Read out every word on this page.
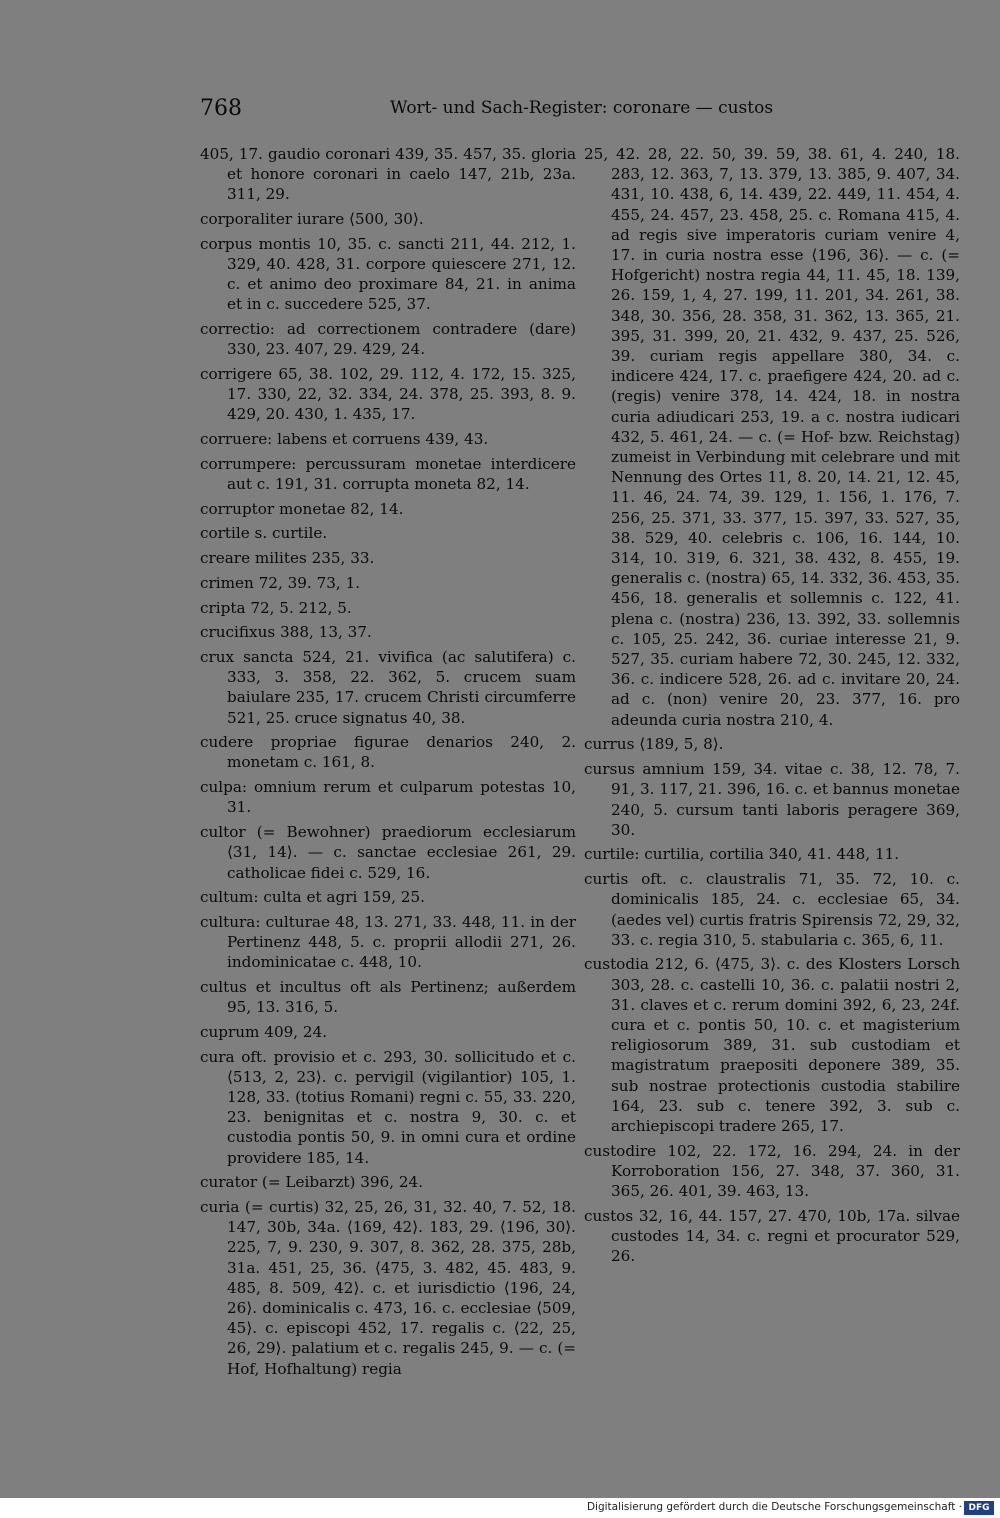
768	Wort- und Sach-Register: coronare — custos

405, 17. gaudio coronari 439, 35. 457, 35. gloria et honore coronari in caelo 147, 21b, 23a. 311, 29.

corporaliter iurare ⟨500, 30⟩.

corpus montis 10, 35. c. sancti 211, 44. 212, 1. 329, 40. 428, 31. corpore quiescere 271, 12. c. et animo deo proximare 84, 21. in anima et in c. succedere 525, 37.

correctio: ad correctionem contradere (dare) 330, 23. 407, 29. 429, 24.

corrigere 65, 38. 102, 29. 112, 4. 172, 15. 325, 17. 330, 22, 32. 334, 24. 378, 25. 393, 8. 9. 429, 20. 430, 1. 435, 17.

corruere: labens et corruens 439, 43.

corrumpere: percussuram monetae interdicere aut c. 191, 31. corrupta moneta 82, 14.

corruptor monetae 82, 14.

cortile s. curtile.

creare milites 235, 33.

crimen 72, 39. 73, 1.

cripta 72, 5. 212, 5.

crucifixus 388, 13, 37.

crux sancta 524, 21. vivifica (ac salutifera) c. 333, 3. 358, 22. 362, 5. crucem suam baiulare 235, 17. crucem Christi circumferre 521, 25. cruce signatus 40, 38.

cudere propriae figurae denarios 240, 2. monetam c. 161, 8.

culpa: omnium rerum et culparum potestas 10, 31.

cultor (= Bewohner) praediorum ecclesiarum ⟨31, 14⟩. — c. sanctae ecclesiae 261, 29. catholicae fidei c. 529, 16.

cultum: culta et agri 159, 25.

cultura: culturae 48, 13. 271, 33. 448, 11. in der Pertinenz 448, 5. c. proprii allodii 271, 26. indominicatae c. 448, 10.

cultus et incultus oft als Pertinenz; außerdem 95, 13. 316, 5.

cuprum 409, 24.

cura oft. provisio et c. 293, 30. sollicitudo et c. ⟨513, 2, 23⟩. c. pervigil (vigilantior) 105, 1. 128, 33. (totius Romani) regni c. 55, 33. 220, 23. benignitas et c. nostra 9, 30. c. et custodia pontis 50, 9. in omni cura et ordine providere 185, 14.

curator (= Leibarzt) 396, 24.

curia (= curtis) 32, 25, 26, 31, 32. 40, 7. 52, 18. 147, 30b, 34a. ⟨169, 42⟩. 183, 29. ⟨196, 30⟩. 225, 7, 9. 230, 9. 307, 8. 362, 28. 375, 28b, 31a. 451, 25, 36. ⟨475, 3. 482, 45. 483, 9. 485, 8. 509, 42⟩. c. et iurisdictio ⟨196, 24, 26⟩. dominicalis c. 473, 16. c. ecclesiae ⟨509, 45⟩. c. episcopi 452, 17. regalis c. ⟨22, 25, 26, 29⟩. palatium et c. regalis 245, 9. — c. (= Hof, Hofhaltung) regia

25, 42. 28, 22. 50, 39. 59, 38. 61, 4. 240, 18. 283, 12. 363, 7, 13. 379, 13. 385, 9. 407, 34. 431, 10. 438, 6, 14. 439, 22. 449, 11. 454, 4. 455, 24. 457, 23. 458, 25. c. Romana 415, 4. ad regis sive imperatoris curiam venire 4, 17. in curia nostra esse ⟨196, 36⟩. — c. (= Hofgericht) nostra regia 44, 11. 45, 18. 139, 26. 159, 1, 4, 27. 199, 11. 201, 34. 261, 38. 348, 30. 356, 28. 358, 31. 362, 13. 365, 21. 395, 31. 399, 20, 21. 432, 9. 437, 25. 526, 39. curiam regis appellare 380, 34. c. indicere 424, 17. c. praefigere 424, 20. ad c. (regis) venire 378, 14. 424, 18. in nostra curia adiudicari 253, 19. a c. nostra iudicari 432, 5. 461, 24. — c. (= Hof- bzw. Reichstag) zumeist in Verbindung mit celebrare und mit Nennung des Ortes 11, 8. 20, 14. 21, 12. 45, 11. 46, 24. 74, 39. 129, 1. 156, 1. 176, 7. 256, 25. 371, 33. 377, 15. 397, 33. 527, 35, 38. 529, 40. celebris c. 106, 16. 144, 10. 314, 10. 319, 6. 321, 38. 432, 8. 455, 19. generalis c. (nostra) 65, 14. 332, 36. 453, 35. 456, 18. generalis et sollemnis c. 122, 41. plena c. (nostra) 236, 13. 392, 33. sollemnis c. 105, 25. 242, 36. curiae interesse 21, 9. 527, 35. curiam habere 72, 30. 245, 12. 332, 36. c. indicere 528, 26. ad c. invitare 20, 24. ad c. (non) venire 20, 23. 377, 16. pro adeunda curia nostra 210, 4.

currus ⟨189, 5, 8⟩.

cursus amnium 159, 34. vitae c. 38, 12. 78, 7. 91, 3. 117, 21. 396, 16. c. et bannus monetae 240, 5. cursum tanti laboris peragere 369, 30.

curtile: curtilia, cortilia 340, 41. 448, 11.

curtis oft. c. claustralis 71, 35. 72, 10. c. dominicalis 185, 24. c. ecclesiae 65, 34. (aedes vel) curtis fratris Spirensis 72, 29, 32, 33. c. regia 310, 5. stabularia c. 365, 6, 11.

custodia 212, 6. ⟨475, 3⟩. c. des Klosters Lorsch 303, 28. c. castelli 10, 36. c. palatii nostri 2, 31. claves et c. rerum domini 392, 6, 23, 24f. cura et c. pontis 50, 10. c. et magisterium religiosorum 389, 31. sub custodiam et magistratum praepositi deponere 389, 35. sub nostrae protectionis custodia stabilire 164, 23. sub c. tenere 392, 3. sub c. archiepiscopi tradere 265, 17.

custodire 102, 22. 172, 16. 294, 24. in der Korroboration 156, 27. 348, 37. 360, 31. 365, 26. 401, 39. 463, 13.

custos 32, 16, 44. 157, 27. 470, 10b, 17a. silvae custodes 14, 34. c. regni et procurator 529, 26.

Digitalisierung gefördert durch die Deutsche Forschungsgemeinschaft · DFG
